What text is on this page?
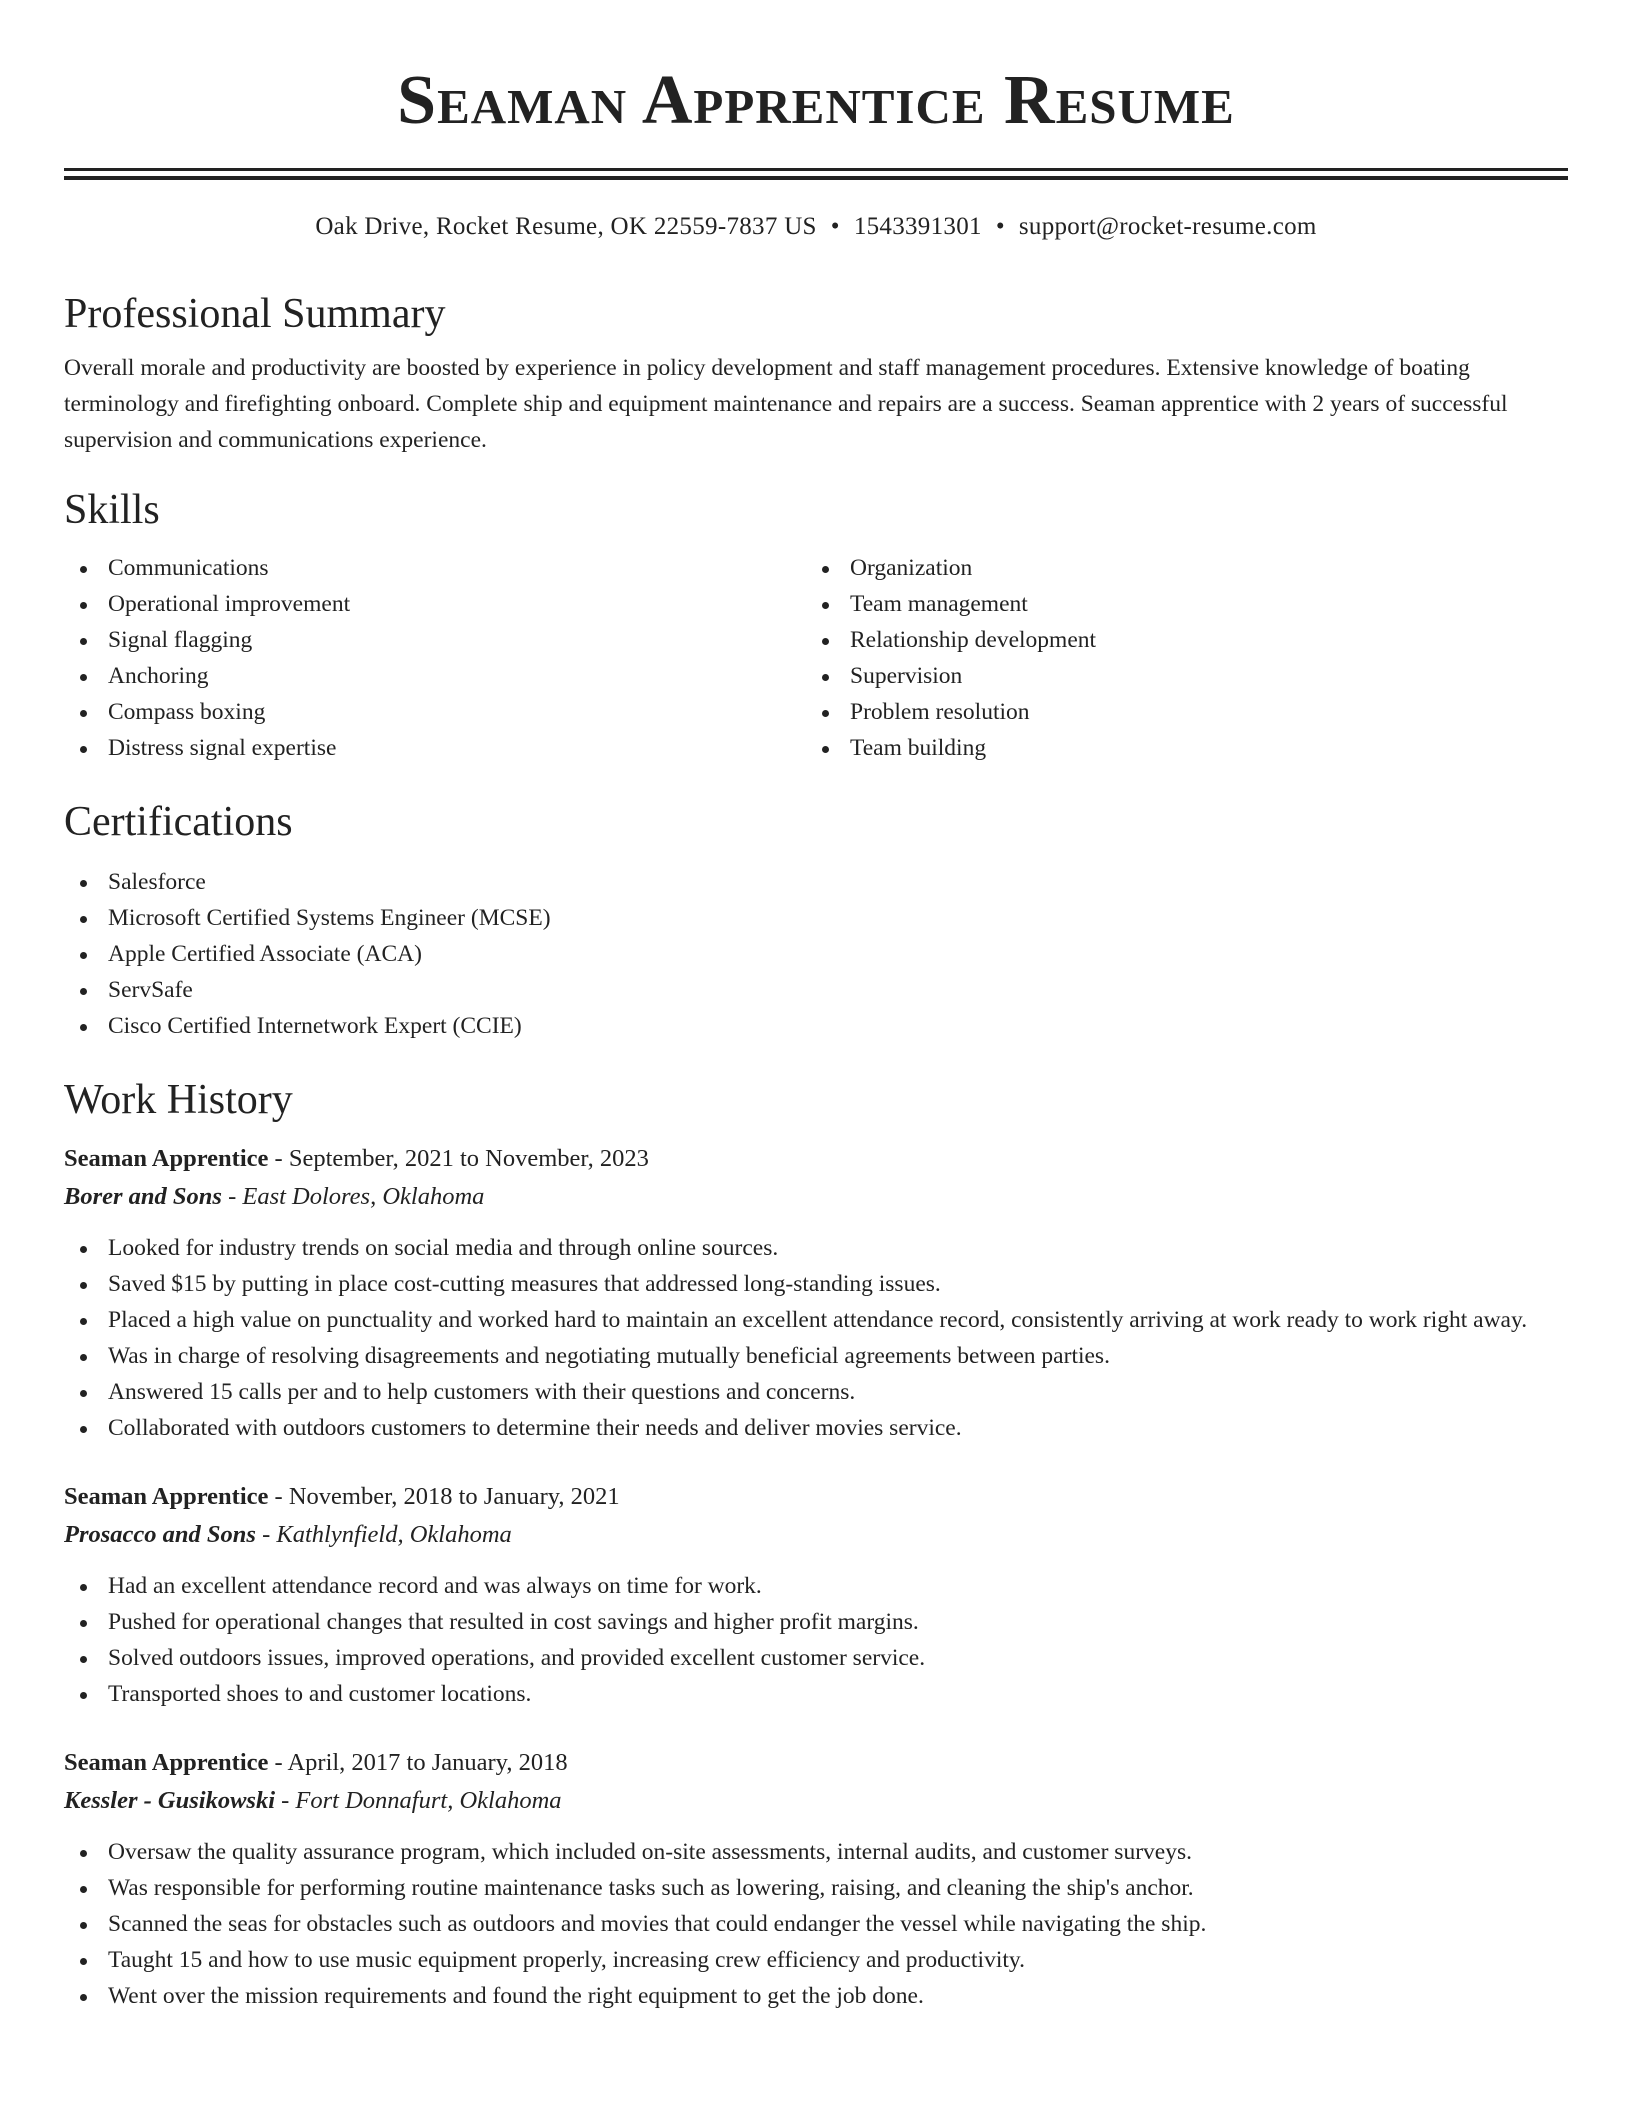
Seaman Apprentice Resume
Oak Drive, Rocket Resume, OK 22559-7837 US • 1543391301 • support@rocket-resume.com
Professional Summary

Overall morale and productivity are boosted by experience in policy development and staff management procedures. Extensive knowledge of boating terminology and firefighting onboard. Complete ship and equipment maintenance and repairs are a success. Seaman apprentice with 2 years of successful supervision and communications experience.

Skills
Communications
Operational improvement
Signal flagging
Anchoring
Compass boxing
Distress signal expertise
Organization
Team management
Relationship development
Supervision
Problem resolution
Team building
Certifications
Salesforce
Microsoft Certified Systems Engineer (MCSE)
Apple Certified Associate (ACA)
ServSafe
Cisco Certified Internetwork Expert (CCIE)
Work History
Seaman Apprentice - September, 2021 to November, 2023
Borer and Sons - East Dolores, Oklahoma
Looked for industry trends on social media and through online sources.
Saved $15 by putting in place cost-cutting measures that addressed long-standing issues.
Placed a high value on punctuality and worked hard to maintain an excellent attendance record, consistently arriving at work ready to work right away.
Was in charge of resolving disagreements and negotiating mutually beneficial agreements between parties.
Answered 15 calls per and to help customers with their questions and concerns.
Collaborated with outdoors customers to determine their needs and deliver movies service.
Seaman Apprentice - November, 2018 to January, 2021
Prosacco and Sons - Kathlynfield, Oklahoma
Had an excellent attendance record and was always on time for work.
Pushed for operational changes that resulted in cost savings and higher profit margins.
Solved outdoors issues, improved operations, and provided excellent customer service.
Transported shoes to and customer locations.
Seaman Apprentice - April, 2017 to January, 2018
Kessler - Gusikowski - Fort Donnafurt, Oklahoma
Oversaw the quality assurance program, which included on-site assessments, internal audits, and customer surveys.
Was responsible for performing routine maintenance tasks such as lowering, raising, and cleaning the ship's anchor.
Scanned the seas for obstacles such as outdoors and movies that could endanger the vessel while navigating the ship.
Taught 15 and how to use music equipment properly, increasing crew efficiency and productivity.
Went over the mission requirements and found the right equipment to get the job done.
